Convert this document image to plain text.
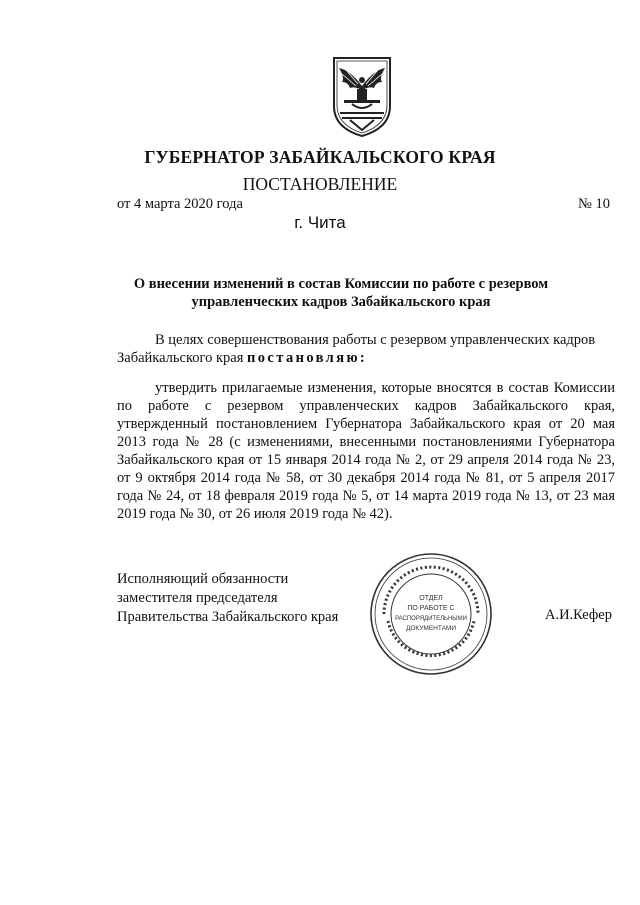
ГУБЕРНАТОР ЗАБАЙКАЛЬСКОГО КРАЯ
ПОСТАНОВЛЕНИЕ
от 4 марта 2020 года	№ 10
г. Чита
О внесении изменений в состав Комиссии по работе с резервом
управленческих кадров Забайкальского края
В целях совершенствования работы с резервом управленческих кадров
Забайкальского края постановляю:
утвердить прилагаемые изменения, которые вносятся в состав Комиссии по работе с резервом управленческих кадров Забайкальского края, утвержденный постановлением Губернатора Забайкальского края от 20 мая 2013 года № 28 (с изменениями, внесенными постановлениями Губернатора Забайкальского края от 15 января 2014 года № 2, от 29 апреля 2014 года № 23, от 9 октября 2014 года № 58, от 30 декабря 2014 года № 81, от 5 апреля 2017 года № 24, от 18 февраля 2019 года № 5, от 14 марта 2019 года № 13, от 23 мая 2019 года № 30, от 26 июля 2019 года № 42).
Исполняющий обязанности
заместителя председателя
Правительства Забайкальского края
ОТДЕЛ
ПО РАБОТЕ С
РАСПОРЯДИТЕЛЬНЫМИ
ДОКУМЕНТАМИ
А.И.Кефер
